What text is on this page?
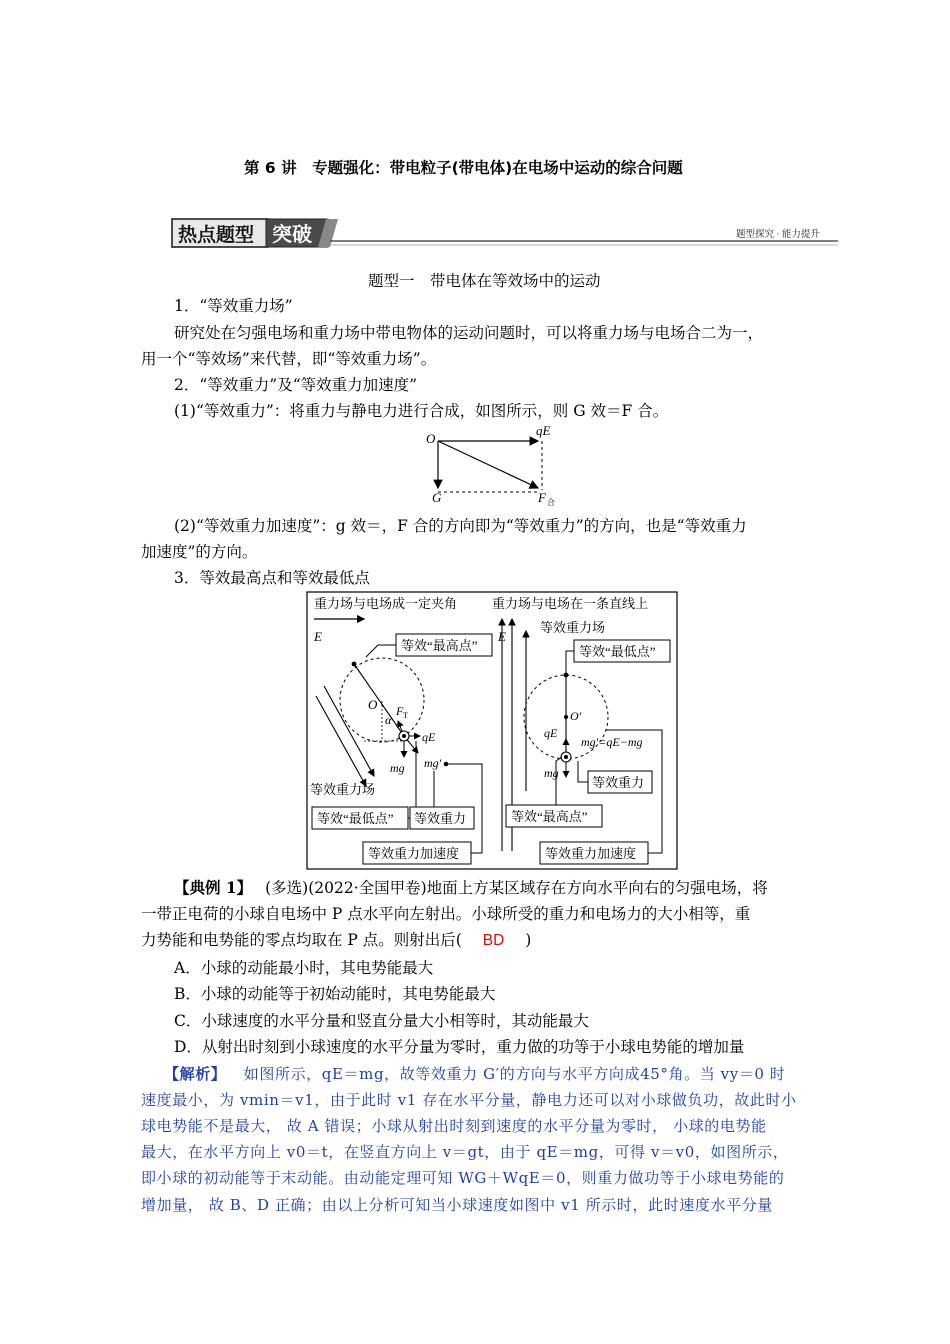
第 6 讲　专题强化：带电粒子(带电体)在电场中运动的综合问题
热点题型 突破	题型探究 · 能力提升
题型一　带电体在等效场中的运动
1．“等效重力场”
研究处在匀强电场和重力场中带电物体的运动问题时，可以将重力场与电场合二为一，
用一个“等效场”来代替，即“等效重力场”。
2．“等效重力”及“等效重力加速度”
(1)“等效重力”：将重力与静电力进行合成，如图所示，则 G 效＝F 合。
O
qE
G	F 合
(2)“等效重力加速度”：g 效＝，F 合的方向即为“等效重力”的方向，也是“等效重力
加速度”的方向。
3．等效最高点和等效最低点
重力场与电场成一定夹角	重力场与电场在一条直线上
E
O
α
F T
qE
mg mg′
等效“最高点”
等效重力场
等效“最低点” 等效重力
等效重力加速度
E
等效重力场
O′
qE
mg
mg′=qE−mg
等效“最低点”
等效重力
等效“最高点”
等效重力加速度
【典例 1】 (多选)(2022·全国甲卷)地面上方某区域存在方向水平向右的匀强电场，将
一带正电荷的小球自电场中 P 点水平向左射出。小球所受的重力和电场力的大小相等，重
力势能和电势能的零点均取在 P 点。则射出后( BD )
A．小球的动能最小时，其电势能最大
B．小球的动能等于初始动能时，其电势能最大
C．小球速度的水平分量和竖直分量大小相等时，其动能最大
D．从射出时刻到小球速度的水平分量为零时，重力做的功等于小球电势能的增加量
【解析】 如图所示，qE＝mg，故等效重力 G′的方向与水平方向成45°角。当 vy＝0 时
速度最小，为 vmin＝v1，由于此时 v1 存在水平分量，静电力还可以对小球做负功，故此时小
球电势能不是最大， 故 A 错误；小球从射出时刻到速度的水平分量为零时， 小球的电势能
最大，在水平方向上 v0＝t，在竖直方向上 v＝gt，由于 qE＝mg，可得 v＝v0，如图所示，
即小球的初动能等于末动能。由动能定理可知 WG＋WqE＝0，则重力做功等于小球电势能的
增加量， 故 B、D 正确；由以上分析可知当小球速度如图中 v1 所示时，此时速度水平分量
